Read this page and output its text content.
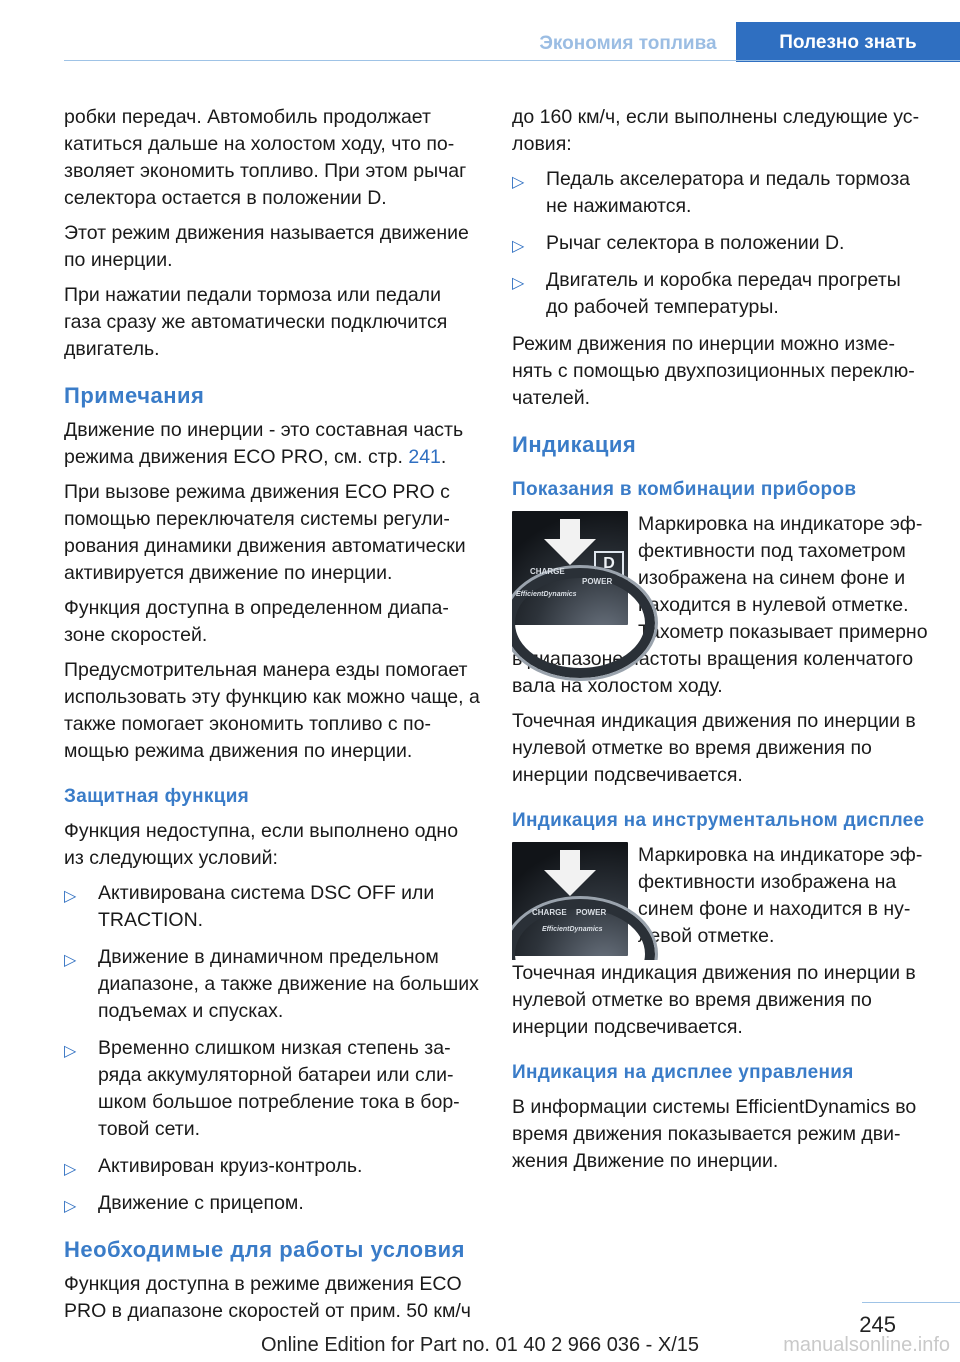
Экономия топлива	Полезно знать

робки передач. Автомобиль продолжает катиться дальше на холостом ходу, что позволяет экономить топливо. При этом рычаг селектора остается в положении D.

Этот режим движения называется движение по инерции.

При нажатии педали тормоза или педали газа сразу же автоматически подключится двигатель.

Примечания

Движение по инерции - это составная часть режима движения ECO PRO, см. стр. 241.

При вызове режима движения ECO PRO с помощью переключателя системы регулирования динамики движения автоматически активируется движение по инерции.

Функция доступна в определенном диапазоне скоростей.

Предусмотрительная манера езды помогает использовать эту функцию как можно чаще, а также помогает экономить топливо с помощью режима движения по инерции.

Защитная функция

Функция недоступна, если выполнено одно из следующих условий:

▷ Активирована система DSC OFF или TRACTION.
▷ Движение в динамичном предельном диапазоне, а также движение на больших подъемах и спусках.
▷ Временно слишком низкая степень заряда аккумуляторной батареи или слишком большое потребление тока в бортовой сети.
▷ Активирован круиз-контроль.
▷ Движение с прицепом.
Необходимые для работы условия

Функция доступна в режиме движения ECO PRO в диапазоне скоростей от прим. 50 км/ч

до 160 км/ч, если выполнены следующие условия:

▷ Педаль акселератора и педаль тормоза не нажимаются.
▷ Рычаг селектора в положении D.
▷ Двигатель и коробка передач прогреты до рабочей температуры.

Режим движения по инерции можно изменять с помощью двухпозиционных переключателей.

Индикация
Показания в комбинации приборов
D
CHARGE
POWER
EfficientDynamics

Маркировка на индикаторе эффективности под тахометром изображена на синем фоне и находится в нулевой отметке. Тахометр показывает примерно в диапазоне частоты вращения коленчатого вала на холостом ходу.

Точечная индикация движения по инерции в нулевой отметке во время движения по инерции подсвечивается.

Индикация на инструментальном дисплее
CHARGE POWER
EfficientDynamics

Маркировка на индикаторе эффективности изображена на синем фоне и находится в нулевой отметке.

Точечная индикация движения по инерции в нулевой отметке во время движения по инерции подсвечивается.

Индикация на дисплее управления

В информации системы EfficientDynamics во время движения показывается режим движения Движение по инерции.

245
Online Edition for Part no. 01 40 2 966 036 - X/15	manualsonline.info
